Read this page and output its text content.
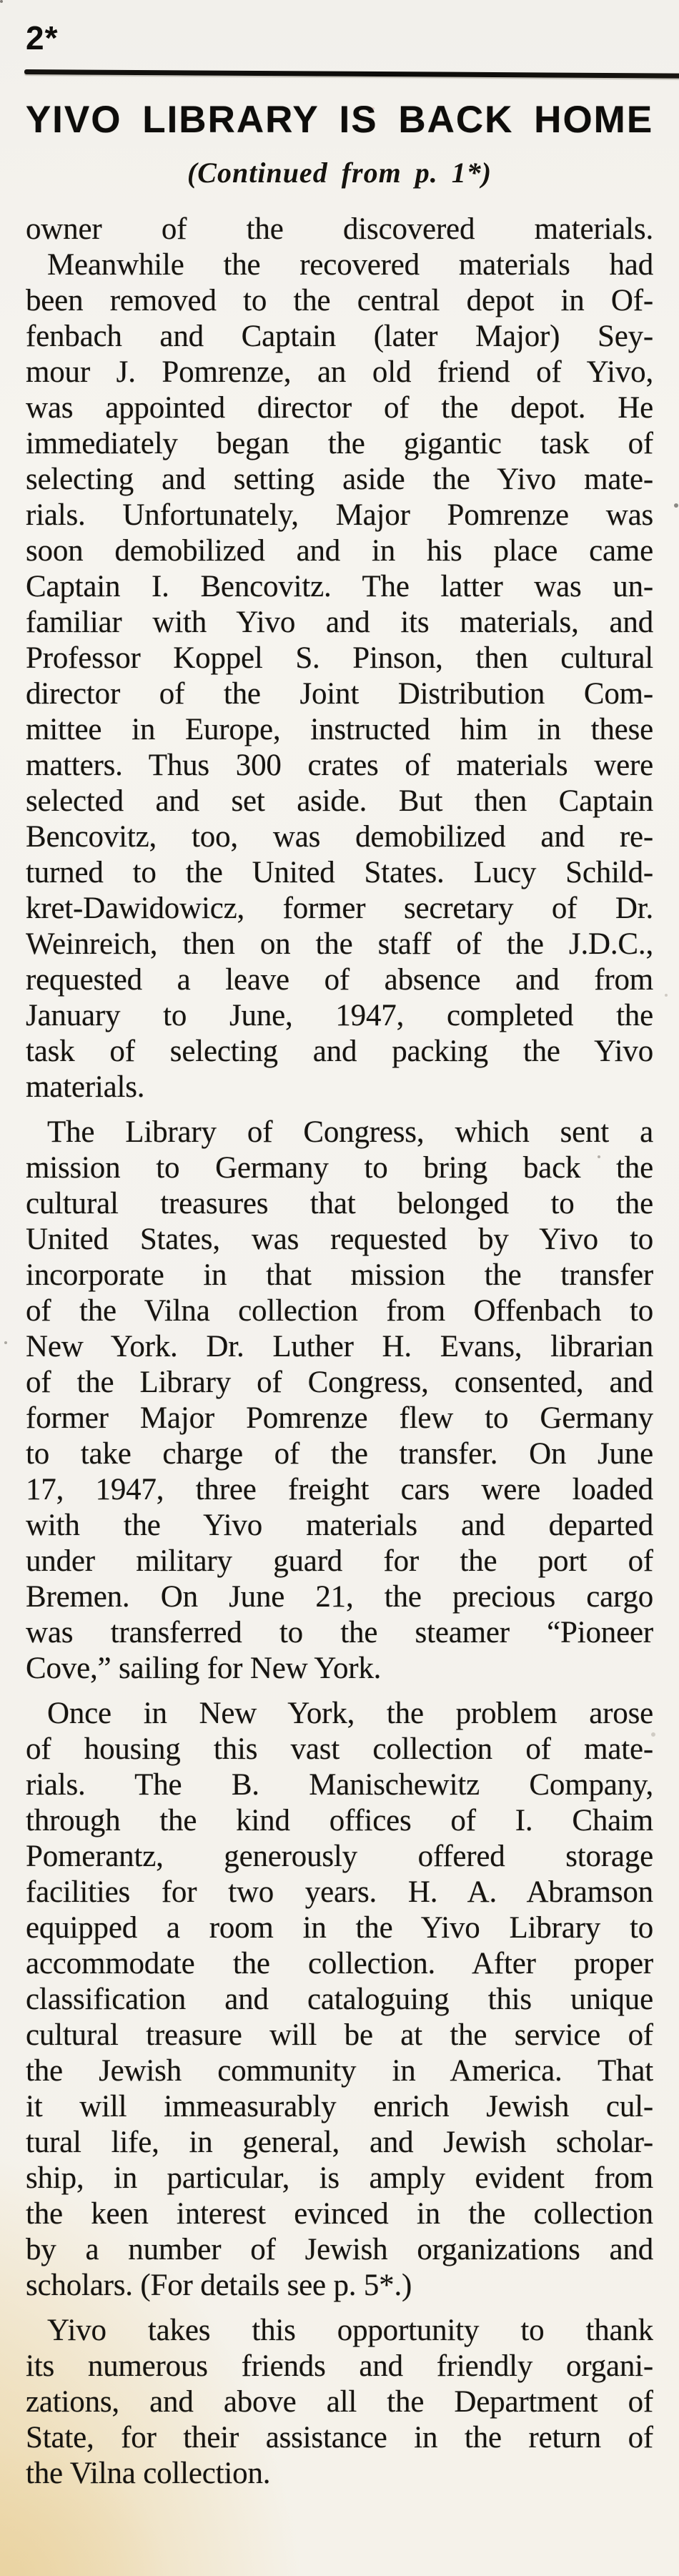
2*
YIVO LIBRARY IS BACK HOME
(Continued from p. 1*)
owner of the discovered materials.
Meanwhile the recovered materials had
been removed to the central depot in Of-
fenbach and Captain (later Major) Sey-
mour J. Pomrenze, an old friend of Yivo,
was appointed director of the depot. He
immediately began the gigantic task of
selecting and setting aside the Yivo mate-
rials. Unfortunately, Major Pomrenze was
soon demobilized and in his place came
Captain I. Bencovitz. The latter was un-
familiar with Yivo and its materials, and
Professor Koppel S. Pinson, then cultural
director of the Joint Distribution Com-
mittee in Europe, instructed him in these
matters. Thus 300 crates of materials were
selected and set aside. But then Captain
Bencovitz, too, was demobilized and re-
turned to the United States. Lucy Schild-
kret-Dawidowicz, former secretary of Dr.
Weinreich, then on the staff of the J.D.C.,
requested a leave of absence and from
January to June, 1947, completed the
task of selecting and packing the Yivo
materials.
The Library of Congress, which sent a
mission to Germany to bring back the
cultural treasures that belonged to the
United States, was requested by Yivo to
incorporate in that mission the transfer
of the Vilna collection from Offenbach to
New York. Dr. Luther H. Evans, librarian
of the Library of Congress, consented, and
former Major Pomrenze flew to Germany
to take charge of the transfer. On June
17, 1947, three freight cars were loaded
with the Yivo materials and departed
under military guard for the port of
Bremen. On June 21, the precious cargo
was transferred to the steamer “Pioneer
Cove,” sailing for New York.
Once in New York, the problem arose
of housing this vast collection of mate-
rials. The B. Manischewitz Company,
through the kind offices of I. Chaim
Pomerantz, generously offered storage
facilities for two years. H. A. Abramson
equipped a room in the Yivo Library to
accommodate the collection. After proper
classification and cataloguing this unique
cultural treasure will be at the service of
the Jewish community in America. That
it will immeasurably enrich Jewish cul-
tural life, in general, and Jewish scholar-
ship, in particular, is amply evident from
the keen interest evinced in the collection
by a number of Jewish organizations and
scholars. (For details see p. 5*.)
Yivo takes this opportunity to thank
its numerous friends and friendly organi-
zations, and above all the Department of
State, for their assistance in the return of
the Vilna collection.
